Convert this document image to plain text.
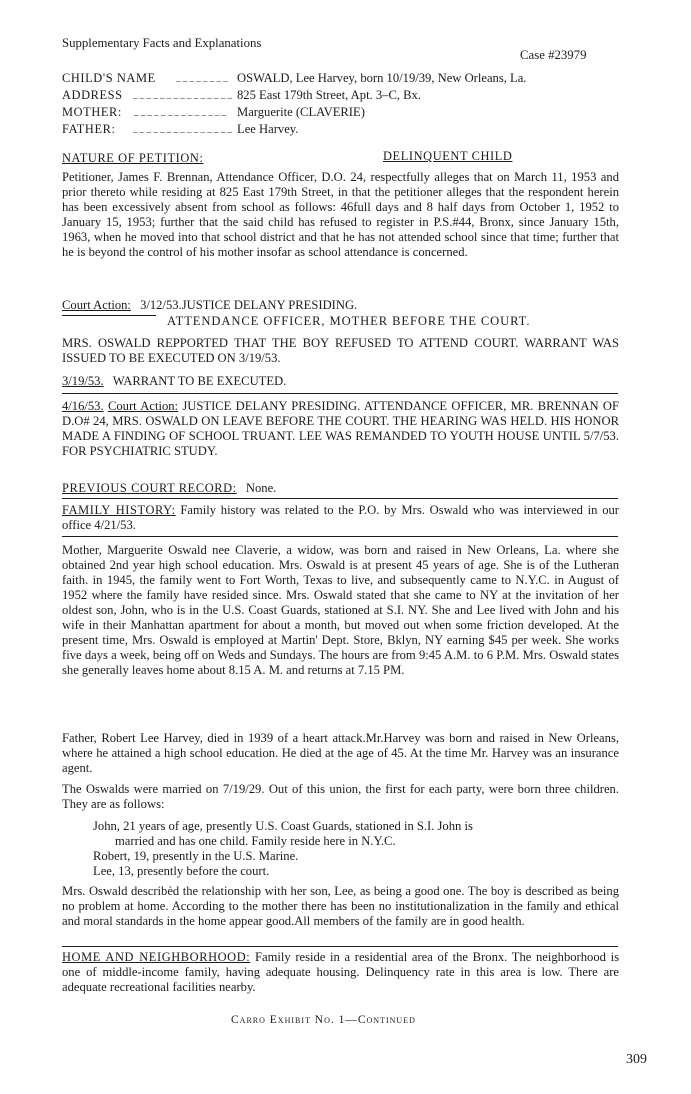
Supplementary Facts and Explanations
Case #23979
CHILD'S NAME _ _ _ _ _ _ _ _ OSWALD, Lee Harvey, born 10/19/39, New Orleans, La.
ADDRESS _ _ _ _ _ _ _ _ _ _ _ _ _ _ _ 825 East 179th Street, Apt. 3–C, Bx.
MOTHER: _ _ _ _ _ _ _ _ _ _ _ _ _ _ Marguerite (CLAVERIE)
FATHER: _ _ _ _ _ _ _ _ _ _ _ _ _ _ _ Lee Harvey.
NATURE OF PETITION:	DELINQUENT CHILD
Petitioner, James F. Brennan, Attendance Officer, D.O. 24, respectfully alleges that on March 11, 1953 and prior thereto while residing at 825 East 179th Street, in that the petitioner alleges that the respondent herein has been excessively absent from school as follows: 46full days and 8 half days from October 1, 1952 to January 15, 1953; further that the said child has refused to register in P.S.#44, Bronx, since January 15th, 1963, when he moved into that school district and that he has not attended school since that time; further that he is beyond the control of his mother insofar as school attendance is concerned.
Court Action: 3/12/53.JUSTICE DELANY PRESIDING.
ATTENDANCE OFFICER, MOTHER BEFORE THE COURT.
MRS. OSWALD REPPORTED THAT THE BOY REFUSED TO ATTEND COURT. WARRANT WAS ISSUED TO BE EXECUTED ON 3/19/53.
3/19/53. WARRANT TO BE EXECUTED.
4/16/53. Court Action: JUSTICE DELANY PRESIDING. ATTENDANCE OFFICER, MR. BRENNAN OF D.O# 24, MRS. OSWALD ON LEAVE BEFORE THE COURT. THE HEARING WAS HELD. HIS HONOR MADE A FINDING OF SCHOOL TRUANT. LEE WAS REMANDED TO YOUTH HOUSE UNTIL 5/7/53. FOR PSYCHIATRIC STUDY.
PREVIOUS COURT RECORD: None.
FAMILY HISTORY: Family history was related to the P.O. by Mrs. Oswald who was interviewed in our office 4/21/53.
Mother, Marguerite Oswald nee Claverie, a widow, was born and raised in New Orleans, La. where she obtained 2nd year high school education. Mrs. Oswald is at present 45 years of age. She is of the Lutheran faith. in 1945, the family went to Fort Worth, Texas to live, and subsequently came to N.Y.C. in August of 1952 where the family have resided since. Mrs. Oswald stated that she came to NY at the invitation of her oldest son, John, who is in the U.S. Coast Guards, stationed at S.I. NY. She and Lee lived with John and his wife in their Manhattan apartment for about a month, but moved out when some friction developed. At the present time, Mrs. Oswald is employed at Martin' Dept. Store, Bklyn, NY earning $45 per week. She works five days a week, being off on Weds and Sundays. The hours are from 9:45 A.M. to 6 P.M. Mrs. Oswald states she generally leaves home about 8.15 A. M. and returns at 7.15 PM.
Father, Robert Lee Harvey, died in 1939 of a heart attack.Mr.Harvey was born and raised in New Orleans, where he attained a high school education. He died at the age of 45. At the time Mr. Harvey was an insurance agent.
The Oswalds were married on 7/19/29. Out of this union, the first for each party, were born three children. They are as follows:
John, 21 years of age, presently U.S. Coast Guards, stationed in S.I. John is
married and has one child. Family reside here in N.Y.C.
Robert, 19, presently in the U.S. Marine.
Lee, 13, presently before the court.
Mrs. Oswald describèd the relationship with her son, Lee, as being a good one. The boy is described as being no problem at home. According to the mother there has been no institutionalization in the family and ethical and moral standards in the home appear good.All members of the family are in good health.
HOME AND NEIGHBORHOOD: Family reside in a residential area of the Bronx. The neighborhood is one of middle-income family, having adequate housing. Delinquency rate in this area is low. There are adequate recreational facilities nearby.
Carro Exhibit No. 1—Continued
309
